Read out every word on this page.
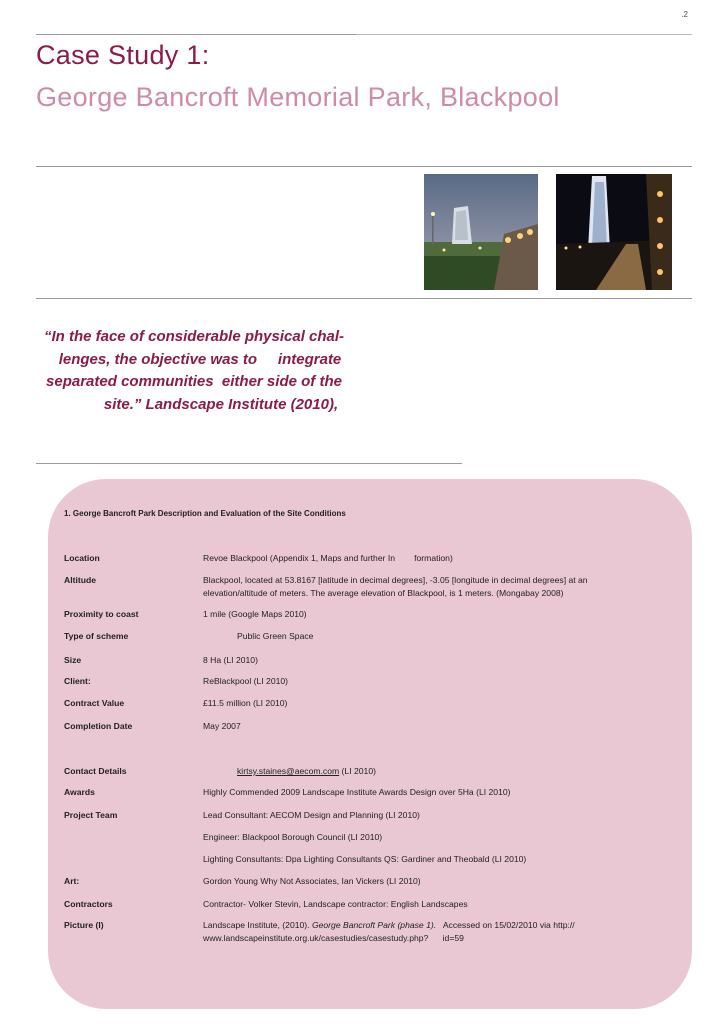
.2
Case Study 1:
George Bancroft Memorial Park, Blackpool
“In the face of considerable physical chal-
lenges, the objective was to     integrate
separated communities  either side of the
site.” Landscape Institute (2010),
1. George Bancroft Park Description and Evaluation of the Site Conditions
Location	Revoe Blackpool (Appendix 1, Maps and further In        formation)
Altitude	Blackpool, located at 53.8167 [latitude in decimal degrees], -3.05 [longitude in decimal degrees] at an elevation/altitude of meters. The average elevation of Blackpool, is 1 meters. (Mongabay 2008)
Proximity to coast	1 mile (Google Maps 2010)
Type of scheme	Public Green Space
Size	8 Ha (LI 2010)
Client:	ReBlackpool (LI 2010)
Contract Value	£11.5 million (LI 2010)
Completion Date	May 2007
Contact Details	kirtsy.staines@aecom.com (LI 2010)
Awards	Highly Commended 2009 Landscape Institute Awards Design over 5Ha (LI 2010)
Project Team	Lead Consultant: AECOM Design and Planning (LI 2010)
Engineer: Blackpool Borough Council (LI 2010)
Lighting Consultants: Dpa Lighting Consultants QS: Gardiner and Theobald (LI 2010)
Art:	Gordon Young Why Not Associates, Ian Vickers (LI 2010)
Contractors	Contractor- Volker Stevin, Landscape contractor: English Landscapes
Picture (I)	Landscape Institute, (2010). George Bancroft Park (phase 1).   Accessed on 15/02/2010 via http://
www.landscapeinstitute.org.uk/casestudies/casestudy.php?      id=59
